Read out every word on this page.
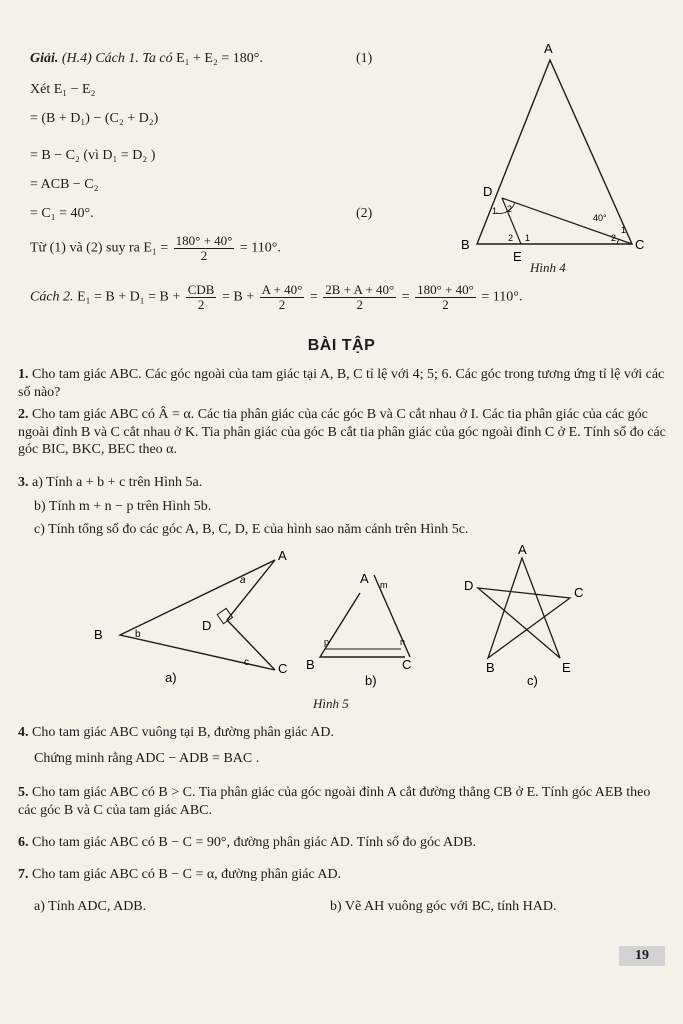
Giải. (H.4) Cách 1. Ta có E₁ + E₂ = 180°.	(1)
Xét E₁ − E₂
= (B + D₁) − (C₂ + D₂)
= B − C₂ (vì D₁ = D₂ )
= ACB − C₂
= C₁ = 40°.	(2)
Từ (1) và (2) suy ra $E_1 = \frac{180^\circ + 40^\circ}{2} = 110^\circ$.
Cách 2. E₁ = B + D₁ = B +
CDB
$2 = B + \frac{A + 40^\circ}{2} = \frac{2B + A + 40^\circ}{2} = \frac{180^\circ + 40^\circ}{2} = 110^\circ$.
A
D
B	C
E
40°
1 2
2 1
1
2
Hình 4
BÀI TẬP
1. Cho tam giác ABC. Các góc ngoài của tam giác tại A, B, C tỉ lệ với 4; 5; 6. Các góc trong tương ứng tỉ lệ với các số nào?
2. Cho tam giác ABC có Â = α. Các tia phân giác của các góc B và C cắt nhau ở I. Các tia phân giác của các góc ngoài đỉnh B và C cắt nhau ở K. Tia phân giác của góc B cắt tia phân giác của góc ngoài đỉnh C ở E. Tính số đo các góc BIC, BKC, BEC theo α.
3. a) Tính a + b + c trên Hình 5a.
b) Tính m + n − p trên Hình 5b.
c) Tính tổng số đo các góc A, B, C, D, E của hình sao năm cánh trên Hình 5c.
A
B
C
D
a
b
c
a)
A
B	C
m
p	n
b)
A
D	C
B	E
c)
Hình 5
4. Cho tam giác ABC vuông tại B, đường phân giác AD.
Chứng minh rằng ADC − ADB = BAC .
5. Cho tam giác ABC có B > C. Tia phân giác của góc ngoài đỉnh A cắt đường thẳng CB ở E. Tính góc AEB theo các góc B và C của tam giác ABC.
6. Cho tam giác ABC có B − C = 90°, đường phân giác AD. Tính số đo góc ADB.
7. Cho tam giác ABC có B − C = α, đường phân giác AD.
a) Tính ADC, ADB.	b) Vẽ AH vuông góc với BC, tính HAD.
19
